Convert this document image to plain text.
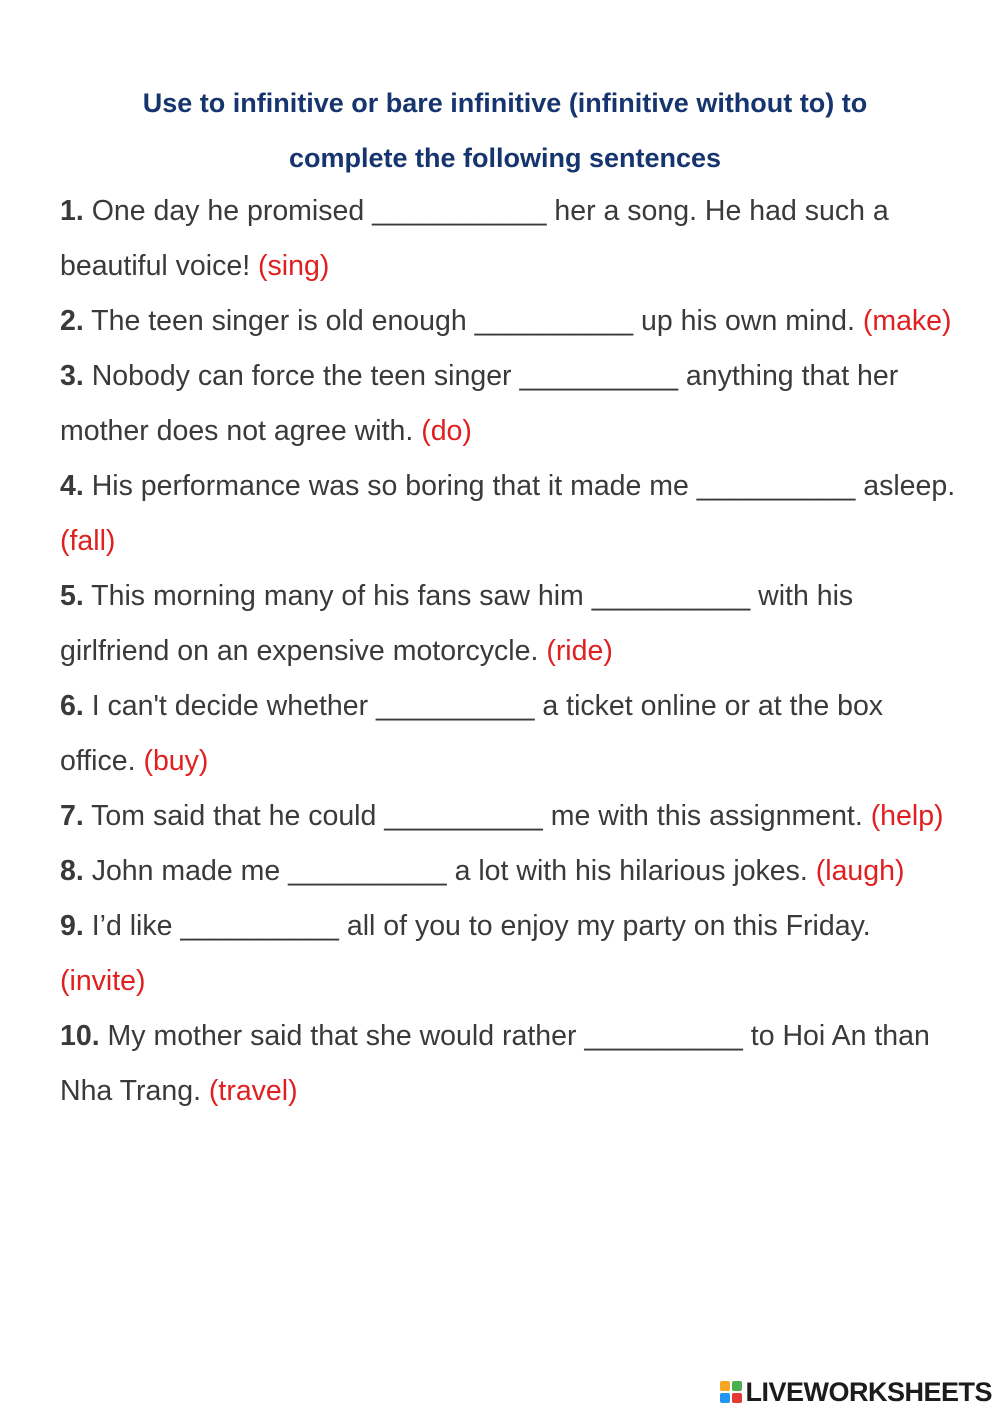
Use to infinitive or bare infinitive (infinitive without to) to
complete the following sentences
1. One day he promised ___________ her a song. He had such a beautiful voice! (sing)
2. The teen singer is old enough __________ up his own mind. (make)
3. Nobody can force the teen singer __________ anything that her mother does not agree with. (do)
4. His performance was so boring that it made me __________ asleep. (fall)
5. This morning many of his fans saw him __________ with his girlfriend on an expensive motorcycle. (ride)
6. I can't decide whether __________ a ticket online or at the box office. (buy)
7. Tom said that he could __________ me with this assignment. (help)
8. John made me __________ a lot with his hilarious jokes. (laugh)
9. I’d like __________ all of you to enjoy my party on this Friday. (invite)
10. My mother said that she would rather __________ to Hoi An than Nha Trang. (travel)
LIVEWORKSHEETS
